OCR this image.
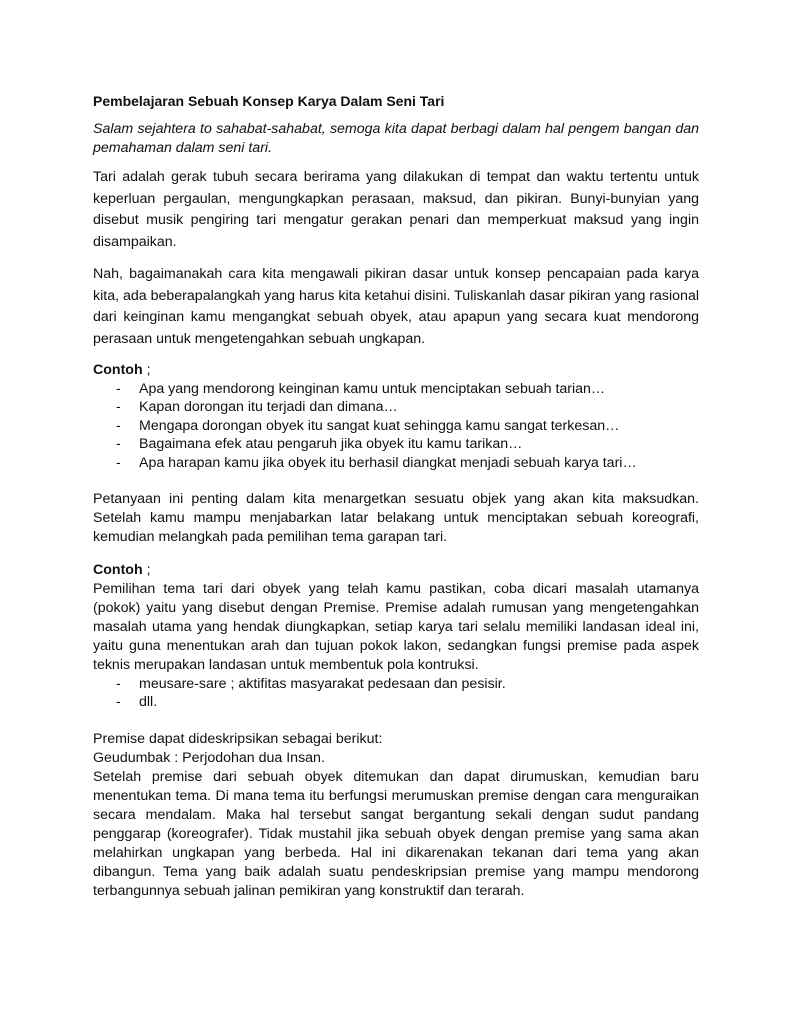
Pembelajaran Sebuah Konsep Karya Dalam Seni Tari

Salam sejahtera to sahabat-sahabat, semoga kita dapat berbagi dalam hal pengem bangan dan pemahaman dalam seni tari.

Tari adalah gerak tubuh secara berirama yang dilakukan di tempat dan waktu tertentu untuk keperluan pergaulan, mengungkapkan perasaan, maksud, dan pikiran. Bunyi-bunyian yang disebut musik pengiring tari mengatur gerakan penari dan memperkuat maksud yang ingin disampaikan.

Nah, bagaimanakah cara kita mengawali pikiran dasar untuk konsep pencapaian pada karya kita, ada beberapalangkah yang harus kita ketahui disini. Tuliskanlah dasar pikiran yang rasional dari keinginan kamu mengangkat sebuah obyek, atau apapun yang secara kuat mendorong perasaan untuk mengetengahkan sebuah ungkapan.

Contoh ;
- Apa yang mendorong keinginan kamu untuk menciptakan sebuah tarian…
- Kapan dorongan itu terjadi dan dimana…
- Mengapa dorongan obyek itu sangat kuat sehingga kamu sangat terkesan…
- Bagaimana efek atau pengaruh jika obyek itu kamu tarikan…
- Apa harapan kamu jika obyek itu berhasil diangkat menjadi sebuah karya tari…

Petanyaan ini penting dalam kita menargetkan sesuatu objek yang akan kita maksudkan. Setelah kamu mampu menjabarkan latar belakang untuk menciptakan sebuah koreografi, kemudian melangkah pada pemilihan tema garapan tari.

Contoh ;

Pemilihan tema tari dari obyek yang telah kamu pastikan, coba dicari masalah utamanya (pokok) yaitu yang disebut dengan Premise. Premise adalah rumusan yang mengetengahkan masalah utama yang hendak diungkapkan, setiap karya tari selalu memiliki landasan ideal ini, yaitu guna menentukan arah dan tujuan pokok lakon, sedangkan fungsi premise pada aspek teknis merupakan landasan untuk membentuk pola kontruksi.

- meusare-sare ; aktifitas masyarakat pedesaan dan pesisir.
- dll.

Premise dapat dideskripsikan sebagai berikut:

Geudumbak : Perjodohan dua Insan.

Setelah premise dari sebuah obyek ditemukan dan dapat dirumuskan, kemudian baru menentukan tema. Di mana tema itu berfungsi merumuskan premise dengan cara menguraikan secara mendalam. Maka hal tersebut sangat bergantung sekali dengan sudut pandang penggarap (koreografer). Tidak mustahil jika sebuah obyek dengan premise yang sama akan melahirkan ungkapan yang berbeda. Hal ini dikarenakan tekanan dari tema yang akan dibangun. Tema yang baik adalah suatu pendeskripsian premise yang mampu mendorong terbangunnya sebuah jalinan pemikiran yang konstruktif dan terarah.
